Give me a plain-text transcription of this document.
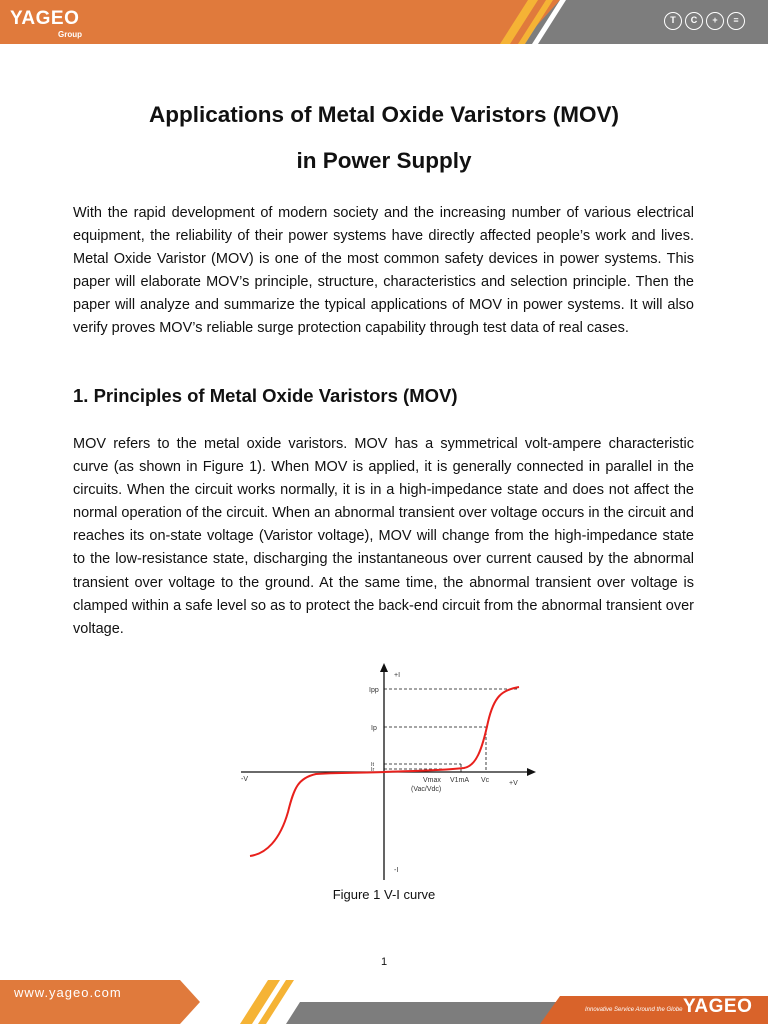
YAGEO
Group
T	C	+	≡
Applications of Metal Oxide Varistors (MOV)
in Power Supply
With the rapid development of modern society and the increasing number of various electrical equipment, the reliability of their power systems have directly affected people’s work and lives. Metal Oxide Varistor (MOV) is one of the most common safety devices in power systems. This paper will elaborate MOV’s principle, structure, characteristics and selection principle. Then the paper will analyze and summarize the typical applications of MOV in power systems. It will also verify proves MOV’s reliable surge protection capability through test data of real cases.
1. Principles of Metal Oxide Varistors (MOV)
MOV refers to the metal oxide varistors. MOV has a symmetrical volt-ampere characteristic curve (as shown in Figure 1). When MOV is applied, it is generally connected in parallel in the circuits. When the circuit works normally, it is in a high-impedance state and does not affect the normal operation of the circuit. When an abnormal transient over voltage occurs in the circuit and reaches its on-state voltage (Varistor voltage), MOV will change from the high-impedance state to the low-resistance state, discharging the instantaneous over current caused by the abnormal transient over voltage to the ground. At the same time, the abnormal transient over voltage is clamped within a safe level so as to protect the back-end circuit from the abnormal transient over voltage.
+I
-I
-V
+V
Ipp
Ip
It
Ir
Vmax V1mA Vc
(Vac/Vdc)
Figure 1 V-I curve
1
www.yageo.com
Innovative Service Around the Globe YAGEO
